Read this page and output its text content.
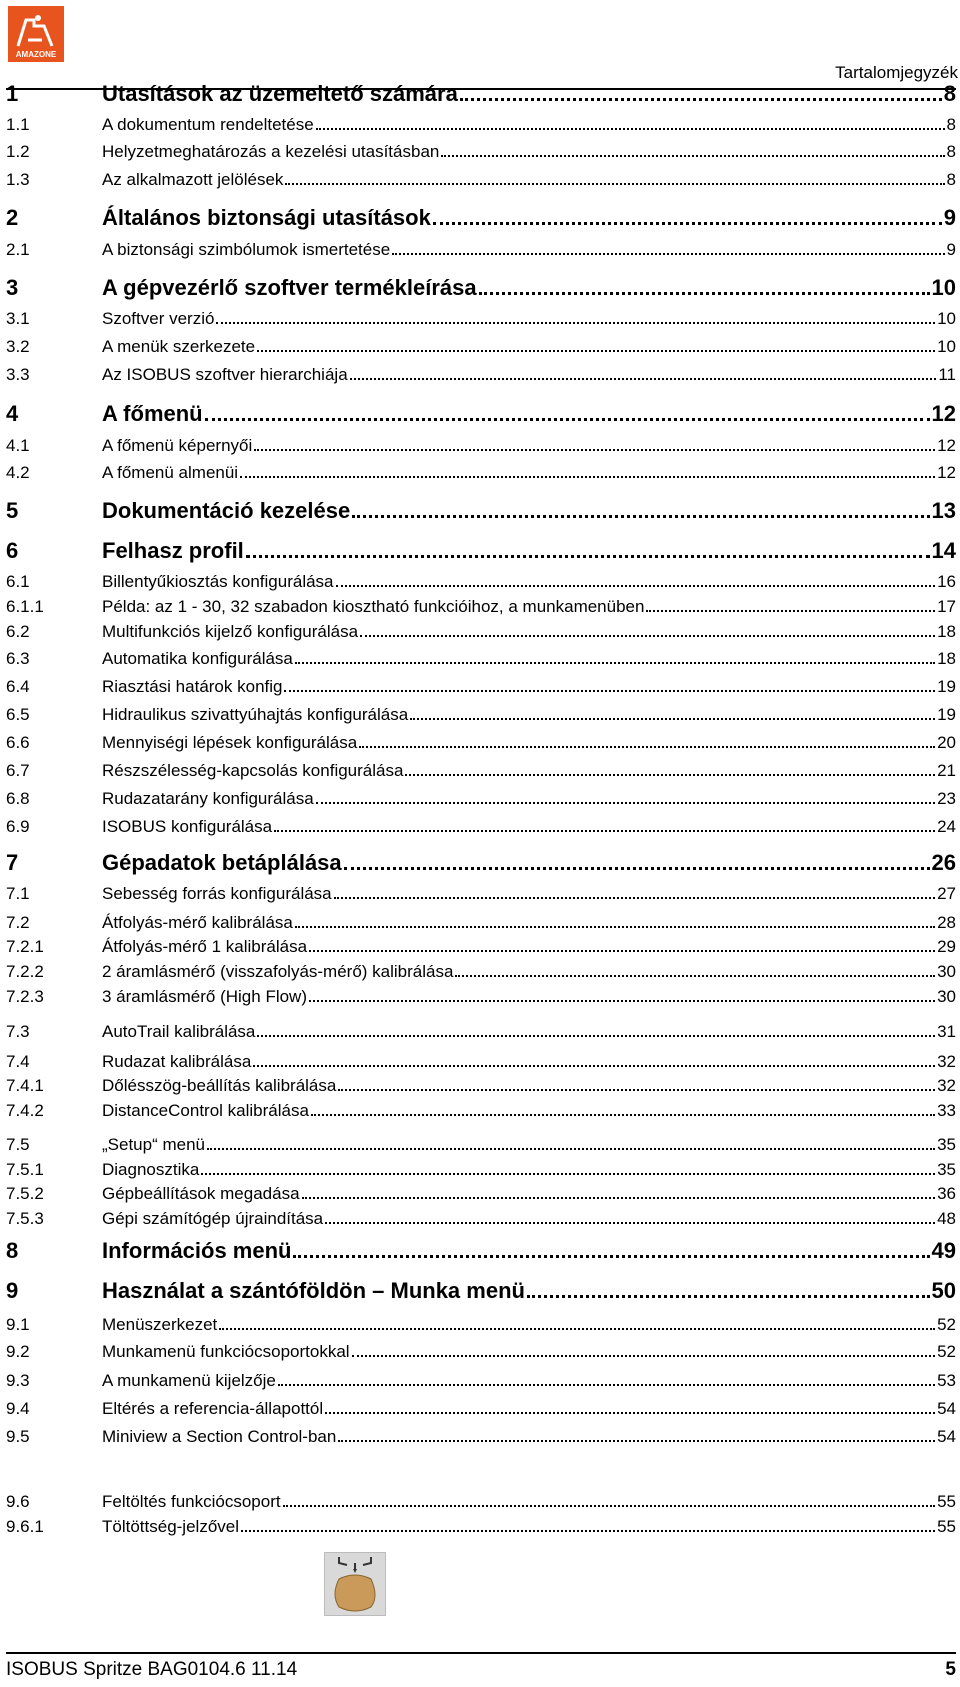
AMAZONE
Tartalomjegyzék
1	Utasítások az üzemeltető számára	8
1.1	A dokumentum rendeltetése	8
1.2	Helyzetmeghatározás a kezelési utasításban	8
1.3	Az alkalmazott jelölések	8
2	Általános biztonsági utasítások	9
2.1	A biztonsági szimbólumok ismertetése	9
3	A gépvezérlő szoftver termékleírása	10
3.1	Szoftver verzió	10
3.2	A menük szerkezete	10
3.3	Az ISOBUS szoftver hierarchiája	11
4	A főmenü	12
4.1	A főmenü képernyői	12
4.2	A főmenü almenüi	12
5	Dokumentáció kezelése	13
6	Felhasz profil	14
6.1	Billentyűkiosztás konfigurálása	16
6.1.1	Példa: az 1 - 30, 32 szabadon kiosztható funkcióihoz, a munkamenüben	17
6.2	Multifunkciós kijelző konfigurálása	18
6.3	Automatika konfigurálása	18
6.4	Riasztási határok konfig	19
6.5	Hidraulikus szivattyúhajtás konfigurálása	19
6.6	Mennyiségi lépések konfigurálása	20
6.7	Részszélesség-kapcsolás konfigurálása	21
6.8	Rudazatarány konfigurálása	23
6.9	ISOBUS konfigurálása	24
7	Gépadatok betáplálása	26
7.1	Sebesség forrás konfigurálása	27
7.2	Átfolyás-mérő kalibrálása	28
7.2.1	Átfolyás-mérő 1 kalibrálása	29
7.2.2	2 áramlásmérő (visszafolyás-mérő) kalibrálása	30
7.2.3	3 áramlásmérő (High Flow)	30
7.3	AutoTrail kalibrálása	31
7.4	Rudazat kalibrálása	32
7.4.1	Dőlésszög-beállítás kalibrálása	32
7.4.2	DistanceControl kalibrálása	33
7.5	„Setup“ menü	35
7.5.1	Diagnosztika	35
7.5.2	Gépbeállítások megadása	36
7.5.3	Gépi számítógép újraindítása	48
8	Információs menü	49
9	Használat a szántóföldön – Munka menü	50
9.1	Menüszerkezet	52
9.2	Munkamenü funkciócsoportokkal	52
9.3	A munkamenü kijelzője	53
9.4	Eltérés a referencia-állapottól	54
9.5	Miniview a Section Control-ban	54
9.6	Feltöltés funkciócsoport	55
9.6.1	Töltöttség-jelzővel	55
ISOBUS Spritze BAG0104.6 11.14	5
